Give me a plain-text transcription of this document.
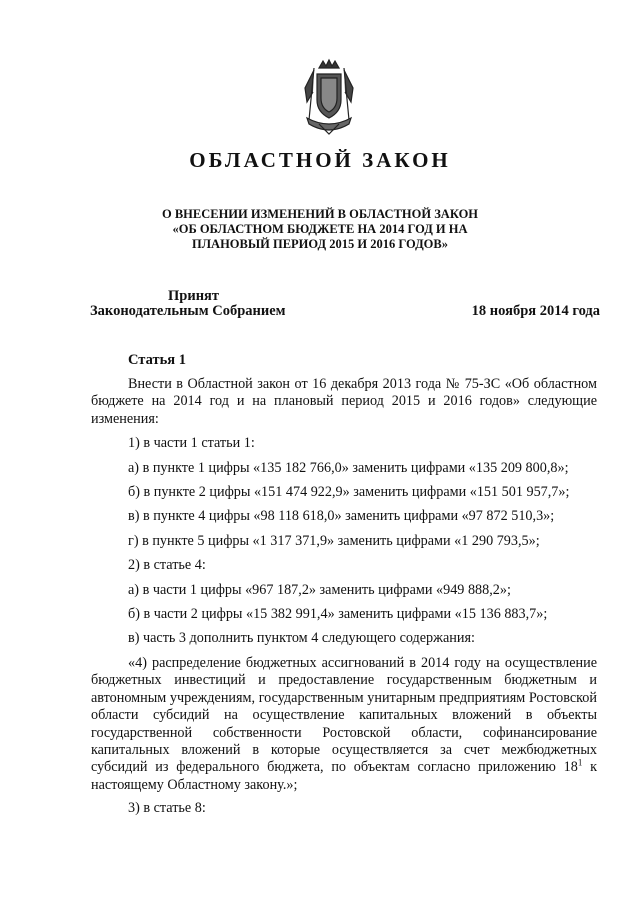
ОБЛАСТНОЙ ЗАКОН
О ВНЕСЕНИИ ИЗМЕНЕНИЙ В ОБЛАСТНОЙ ЗАКОН
«ОБ ОБЛАСТНОМ БЮДЖЕТЕ НА 2014 ГОД И НА
ПЛАНОВЫЙ ПЕРИОД 2015 И 2016 ГОДОВ»
Принят
Законодательным Собранием	18 ноября 2014 года
Статья 1

Внести в Областной закон от 16 декабря 2013 года № 75-ЗС «Об областном бюджете на 2014 год и на плановый период 2015 и 2016 годов» следующие изменения:

1) в части 1 статьи 1:

а) в пункте 1 цифры «135 182 766,0» заменить цифрами «135 209 800,8»;

б) в пункте 2 цифры «151 474 922,9» заменить цифрами «151 501 957,7»;

в) в пункте 4 цифры «98 118 618,0» заменить цифрами «97 872 510,3»;

г) в пункте 5 цифры «1 317 371,9» заменить цифрами «1 290 793,5»;

2) в статье 4:

а) в части 1 цифры «967 187,2» заменить цифрами «949 888,2»;

б) в части 2 цифры «15 382 991,4» заменить цифрами «15 136 883,7»;

в) часть 3 дополнить пунктом 4 следующего содержания:

«4) распределение бюджетных ассигнований в 2014 году на осуществление бюджетных инвестиций и предоставление государственным бюджетным и автономным учреждениям, государственным унитарным предприятиям Ростовской области субсидий на осуществление капитальных вложений в объекты государственной собственности Ростовской области, софинансирование капитальных вложений в которые осуществляется за счет межбюджетных субсидий из федерального бюджета, по объектам согласно приложению $18^1$ к настоящему Областному закону.»;

3) в статье 8:
